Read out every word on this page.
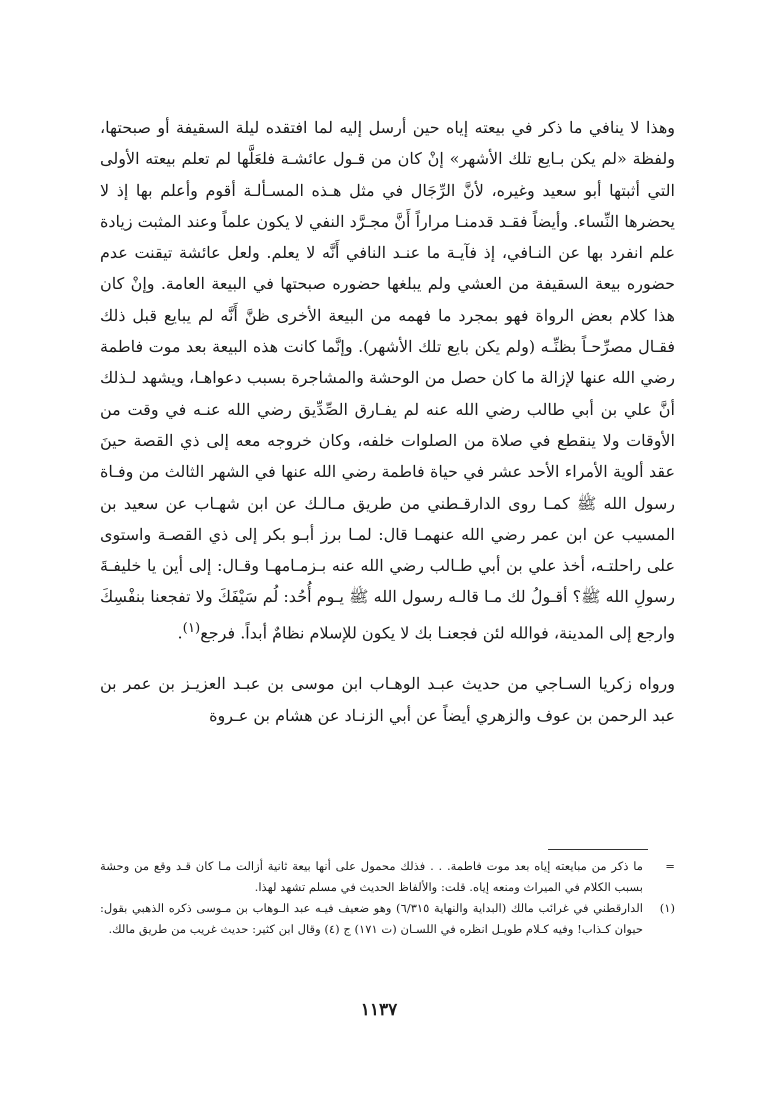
وهذا لا ينافي ما ذكر في بيعته إياه حين أرسل إليه لما افتقده ليلة السقيفة أو صبحتها، ولفظة «لم يكن بـايع تلك الأشهر» إنْ كان من قـول عائشـة فلعَلَّها لم تعلم بيعته الأولى التي أثبتها أبو سعيد وغيره، لأنَّ الرِّجَال في مثل هـذه المسـألـة أقوم وأعلم بها إذ لا يحضرها النِّساء. وأيضاً فقـد قدمنـا مراراً أَنَّ مجـرَّد النفي لا يكون علماً وعند المثبت زيادة علم انفرد بها عن النـافي، إذ فآيـة ما عنـد النافي أَنَّه لا يعلم. ولعل عائشة تيقنت عدم حضوره بيعة السقيفة من العشي ولم يبلغها حضوره صبحتها في البيعة العامة. وإنْ كان هذا كلام بعض الرواة فهو بمجرد ما فهمه من البيعة الأخرى ظنَّ أَنَّه لم يبايع قبل ذلك فقـال مصرِّحـاً بظنِّـه (ولم يكن بايع تلك الأشهر). وإنَّما كانت هذه البيعة بعد موت فاطمة رضي الله عنها لإزالة ما كان حصل من الوحشة والمشاجرة بسبب دعواهـا، ويشهد لـذلك أنَّ علي بن أبي طالب رضي الله عنه لم يفـارق الصِّدِّيق رضي الله عنـه في وقت من الأوقات ولا ينقطع في صلاة من الصلوات خلفه، وكان خروجه معه إلى ذي القصة حينَ عقد ألوية الأمراء الأحد عشر في حياة فاطمة رضي الله عنها في الشهر الثالث من وفـاة رسول الله ﷺ كمـا روى الدارقـطني من طريق مـالـك عن ابن شهـاب عن سعيد بن المسيب عن ابن عمر رضي الله عنهمـا قال: لمـا برز أبـو بكر إلى ذي القصـة واستوى على راحلتـه، أخذ علي بن أبي طـالب رضي الله عنه بـزمـامهـا وقـال: إلى أين يا خليفـةَ رسولِ الله ﷺ؟ أقـولُ لك مـا قالـه رسول الله ﷺ يـوم أُحُد: لُم سَيْفَكَ ولا تفجعنا بنفْسِكَ وارجع إلى المدينة، فوالله لئن فجعنـا بك لا يكون للإسلام نظامٌ أبداً. فرجع$^{(١)}$.

ورواه زكريا السـاجي من حديث عبـد الوهـاب ابن موسى بن عبـد العزيـز بن عمر بن عبد الرحمن بن عوف والزهري أيضاً عن أبي الزنـاد عن هشام بن عـروة

=
ما ذكر من مبايعته إياه بعد موت فاطمة. . . فذلك محمول على أنها بيعة ثانية أزالت مـا كان قـد وقع من وحشة بسبب الكلام في الميراث ومنعه إياه. قلت: والألفاظ الحديث في مسلم تشهد لهذا.
(١)
الدارقطني في غرائب مالك (البداية والنهاية ٦/٣١٥) وهو ضعيف فيـه عبد الـوهاب بن مـوسى ذكره الذهبي بقول: حيوان كـذاب! وفيه كـلام طويـل انظره في اللسـان (ت ١٧١) ج (٤) وقال ابن كثير: حديث غريب من طريق مالك.
١١٣٧
